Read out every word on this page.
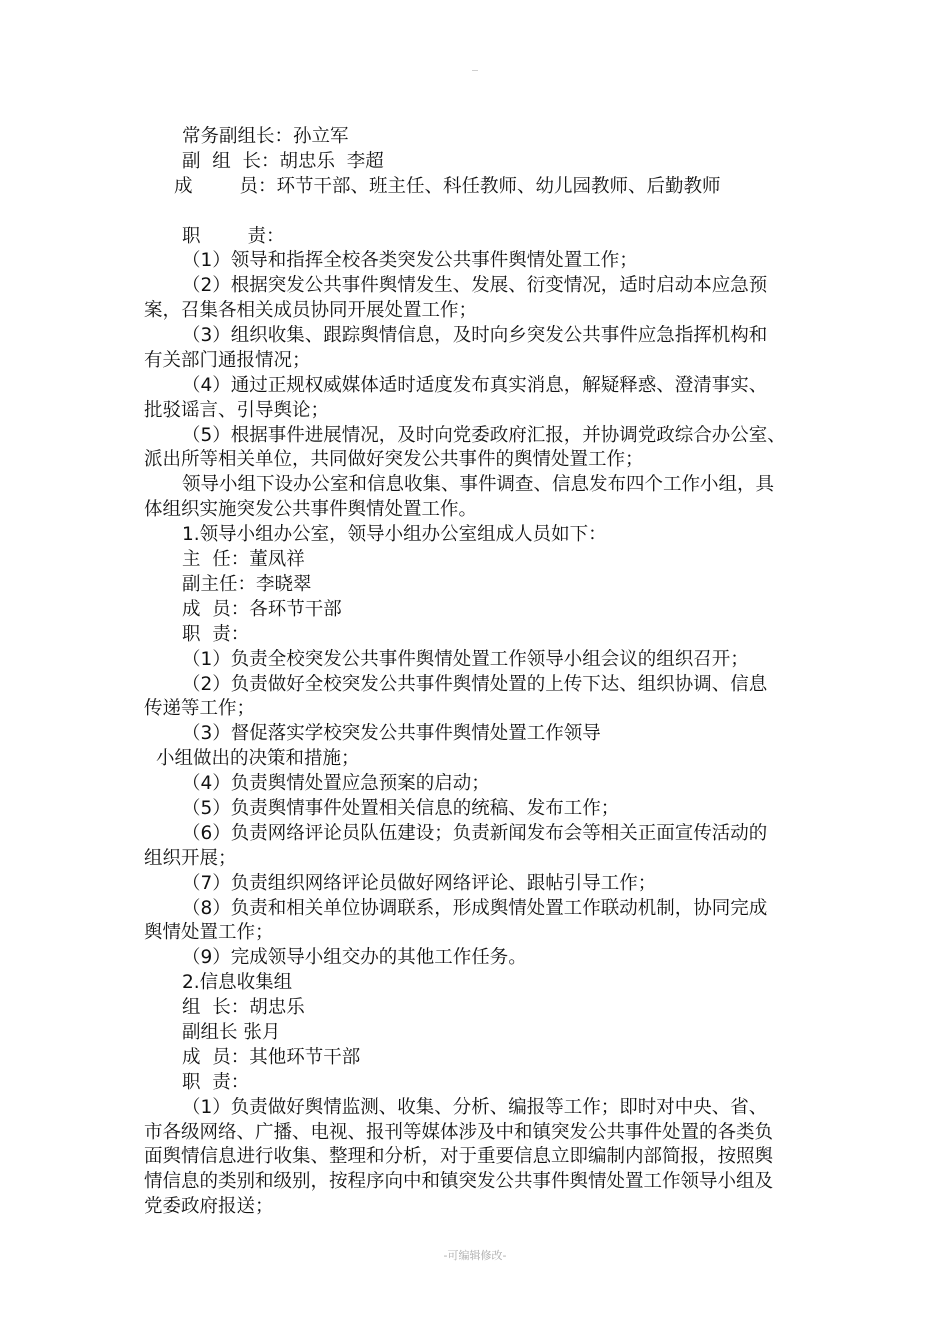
常务副组长：孙立军
副  组  长：胡忠乐  李超
成        员：环节干部、班主任、科任教师、幼儿园教师、后勤教师
职        责：
（1）领导和指挥全校各类突发公共事件舆情处置工作；
（2）根据突发公共事件舆情发生、发展、衍变情况，适时启动本应急预
案，召集各相关成员协同开展处置工作；
（3）组织收集、跟踪舆情信息，及时向乡突发公共事件应急指挥机构和
有关部门通报情况；
（4）通过正规权威媒体适时适度发布真实消息，解疑释惑、澄清事实、
批驳谣言、引导舆论；
（5）根据事件进展情况，及时向党委政府汇报，并协调党政综合办公室、
派出所等相关单位，共同做好突发公共事件的舆情处置工作；
领导小组下设办公室和信息收集、事件调查、信息发布四个工作小组，具
体组织实施突发公共事件舆情处置工作。
1.领导小组办公室，领导小组办公室组成人员如下：
主  任：董凤祥
副主任：李晓翠
成  员：各环节干部
职  责：
（1）负责全校突发公共事件舆情处置工作领导小组会议的组织召开；
（2）负责做好全校突发公共事件舆情处置的上传下达、组织协调、信息
传递等工作；
（3）督促落实学校突发公共事件舆情处置工作领导
小组做出的决策和措施；
（4）负责舆情处置应急预案的启动；
（5）负责舆情事件处置相关信息的统稿、发布工作；
（6）负责网络评论员队伍建设；负责新闻发布会等相关正面宣传活动的
组织开展；
（7）负责组织网络评论员做好网络评论、跟帖引导工作；
（8）负责和相关单位协调联系，形成舆情处置工作联动机制，协同完成
舆情处置工作；
（9）完成领导小组交办的其他工作任务。
2.信息收集组
组  长：胡忠乐
副组长 张月
成  员：其他环节干部
职  责：
（1）负责做好舆情监测、收集、分析、编报等工作；即时对中央、省、
市各级网络、广播、电视、报刊等媒体涉及中和镇突发公共事件处置的各类负
面舆情信息进行收集、整理和分析，对于重要信息立即编制内部简报，按照舆
情信息的类别和级别，按程序向中和镇突发公共事件舆情处置工作领导小组及
党委政府报送；
-可编辑修改-
